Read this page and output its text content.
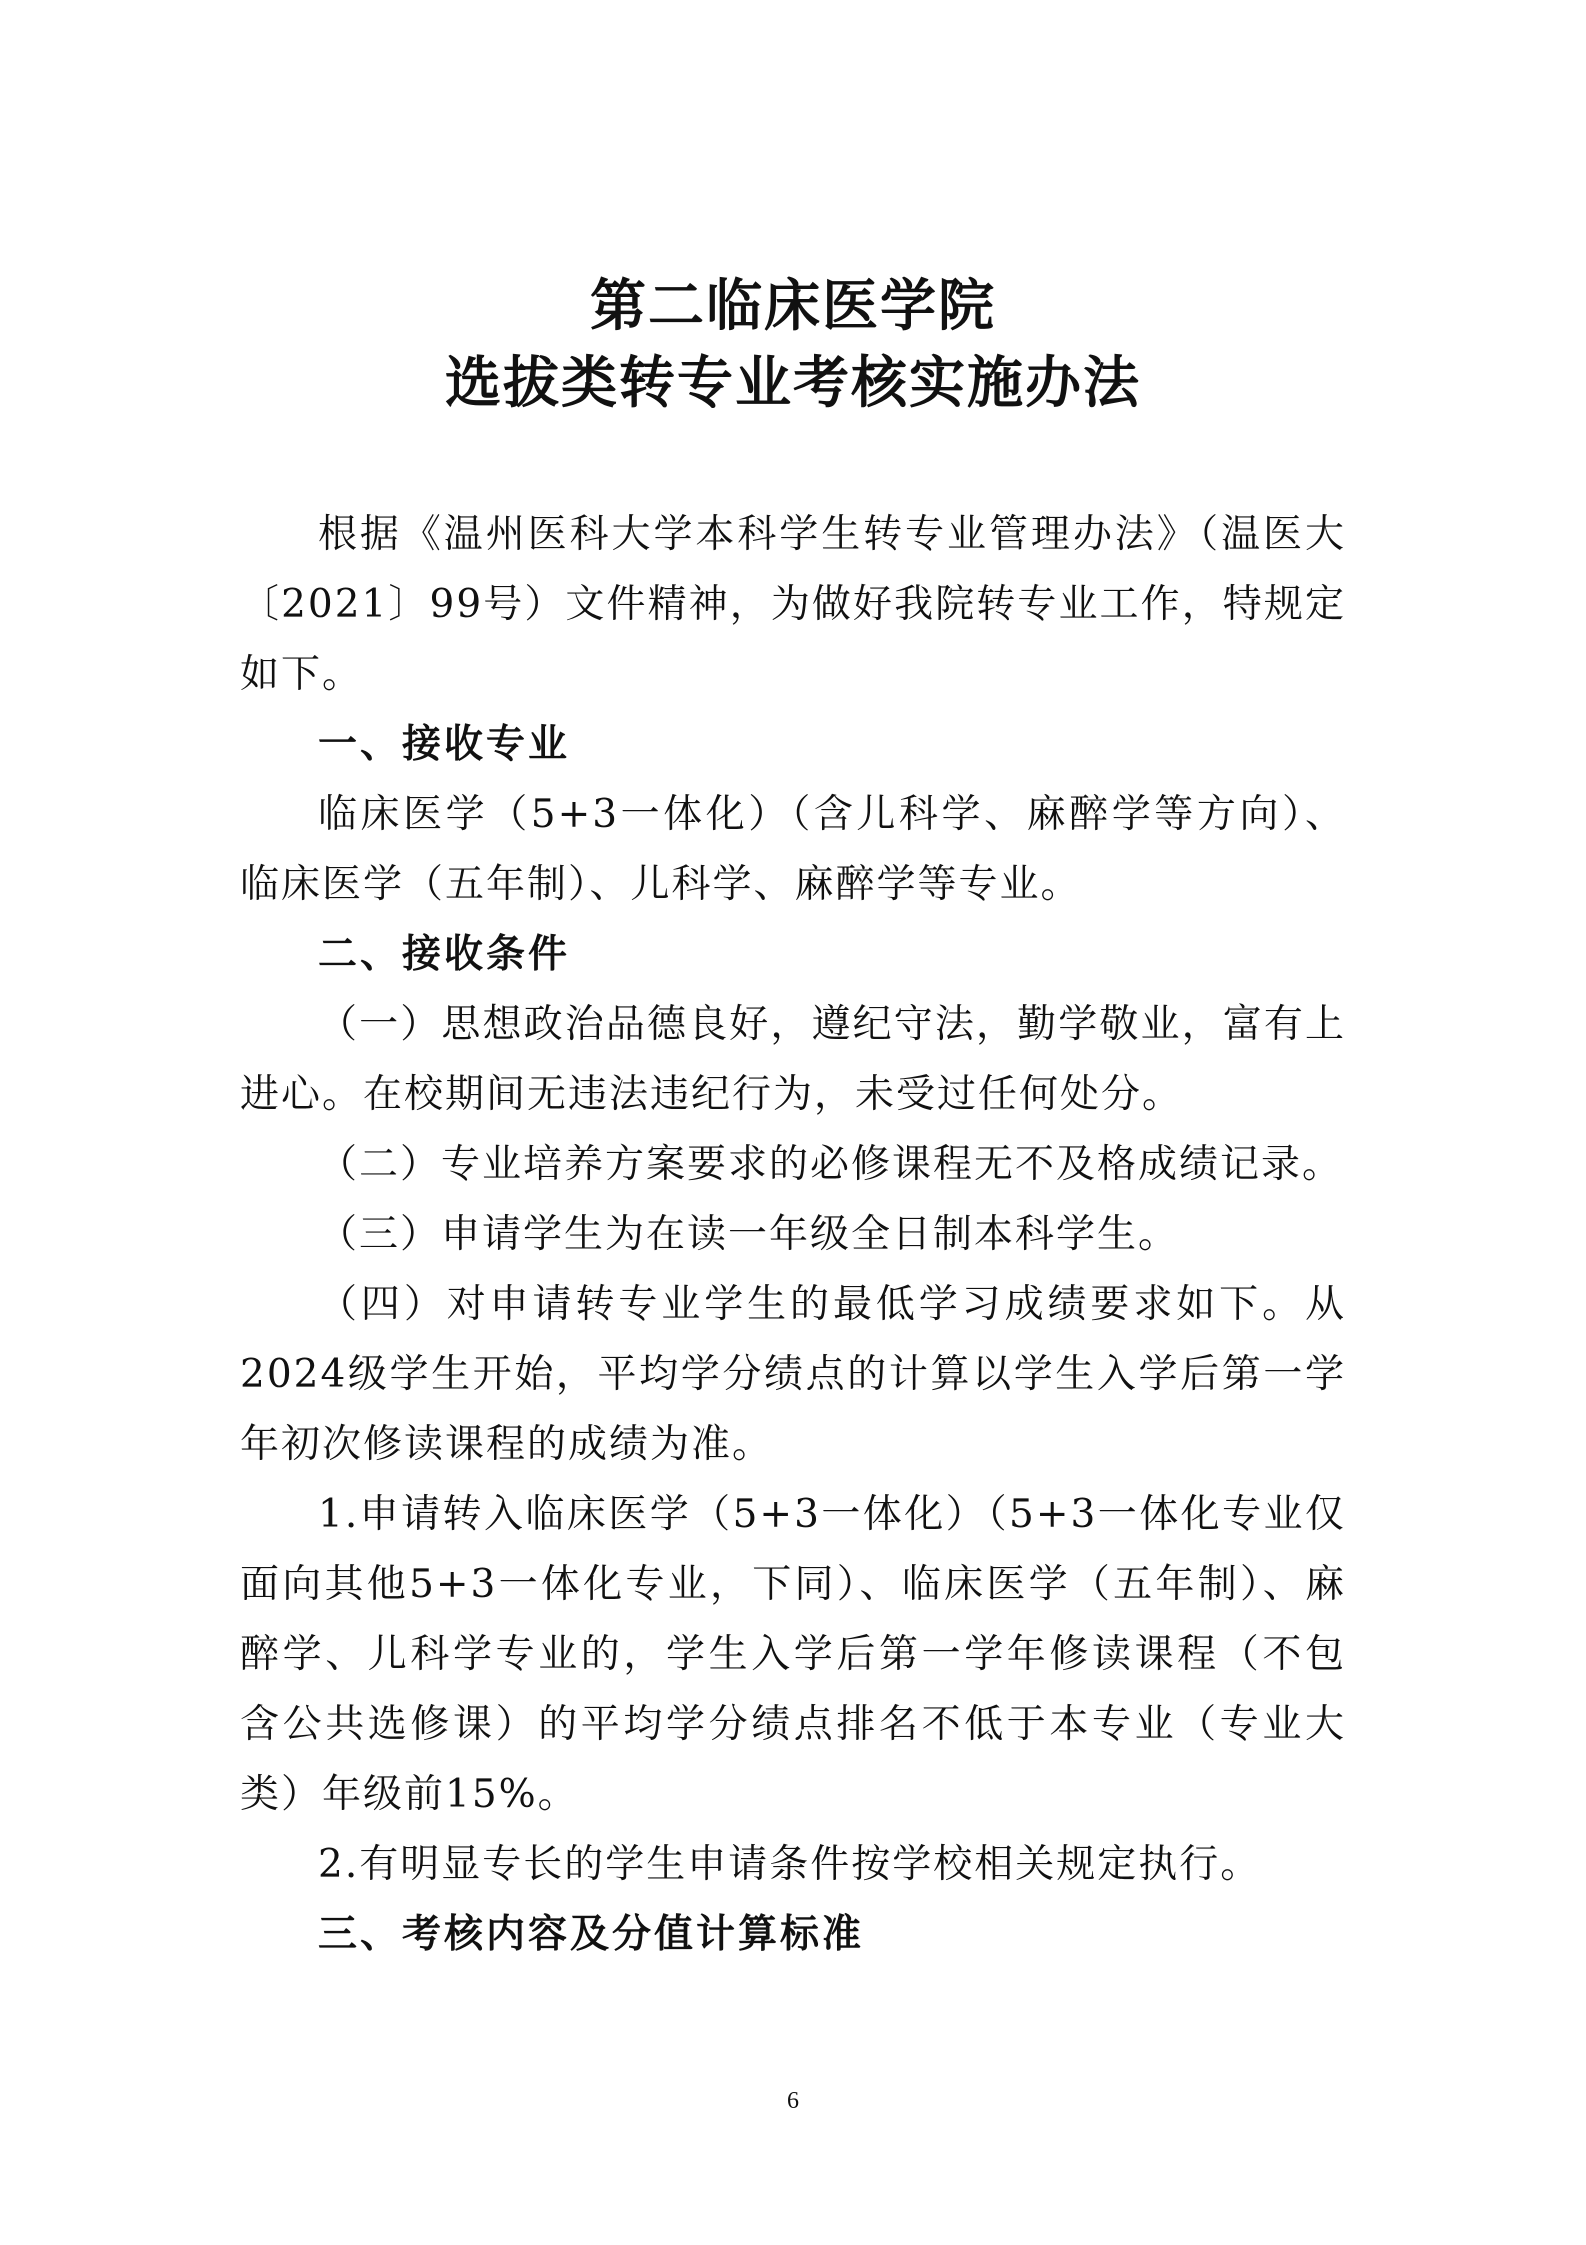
第二临床医学院
选拔类转专业考核实施办法

根据《温州医科大学本科学生转专业管理办法》（温医大〔2021〕99号）文件精神，为做好我院转专业工作，特规定如下。

一、接收专业

临床医学（5+3一体化）（含儿科学、麻醉学等方向）、临床医学（五年制）、儿科学、麻醉学等专业。

二、接收条件

（一）思想政治品德良好，遵纪守法，勤学敬业，富有上进心。在校期间无违法违纪行为，未受过任何处分。

（二）专业培养方案要求的必修课程无不及格成绩记录。

（三）申请学生为在读一年级全日制本科学生。

（四）对申请转专业学生的最低学习成绩要求如下。从2024级学生开始，平均学分绩点的计算以学生入学后第一学年初次修读课程的成绩为准。

1.申请转入临床医学（5+3一体化）（5+3一体化专业仅面向其他5+3一体化专业，下同）、临床医学（五年制）、麻醉学、儿科学专业的，学生入学后第一学年修读课程（不包含公共选修课）的平均学分绩点排名不低于本专业（专业大类）年级前15%。

2.有明显专长的学生申请条件按学校相关规定执行。

三、考核内容及分值计算标准

6
